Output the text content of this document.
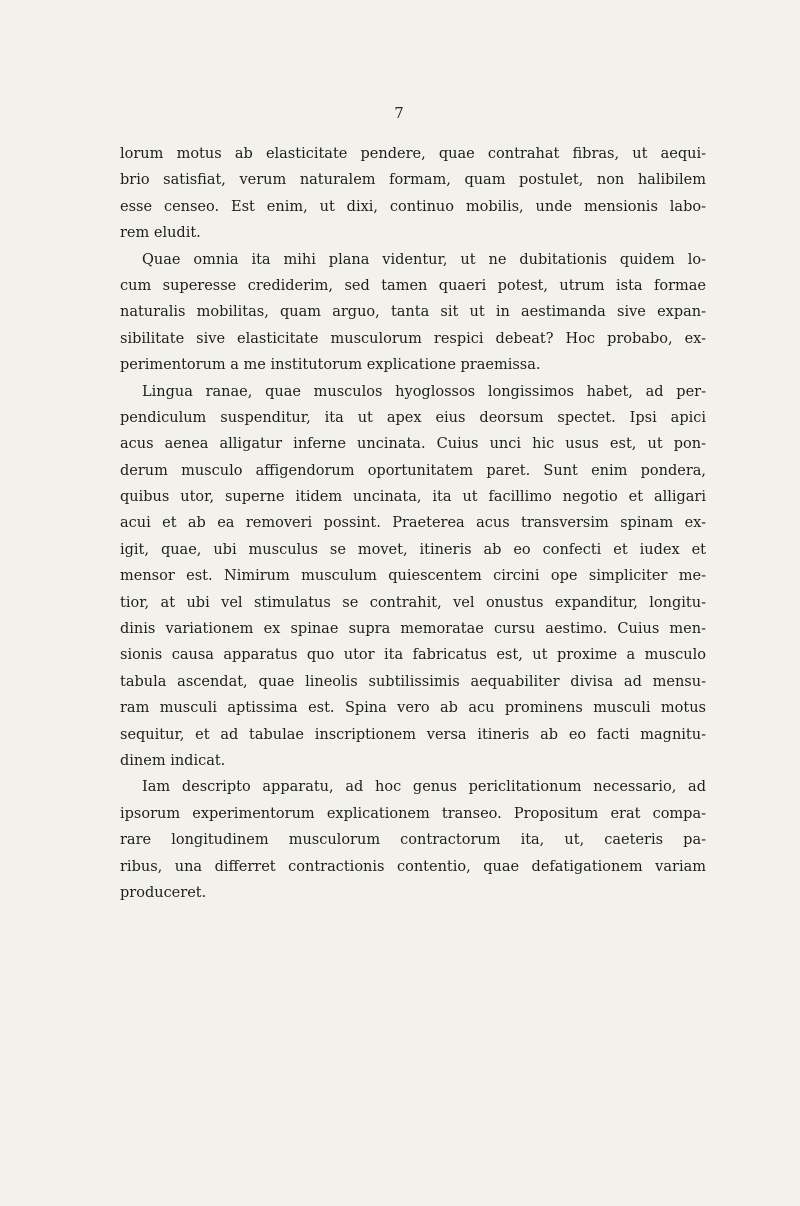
7
lorum motus ab elasticitate pendere, quae contrahat fibras, ut aequi-
brio satisfiat, verum naturalem formam, quam postulet, non halibilem
esse censeo. Est enim, ut dixi, continuo mobilis, unde mensionis labo-
rem eludit.
Quae omnia ita mihi plana videntur, ut ne dubitationis quidem lo-
cum superesse crediderim, sed tamen quaeri potest, utrum ista formae
naturalis mobilitas, quam arguo, tanta sit ut in aestimanda sive expan-
sibilitate sive elasticitate musculorum respici debeat? Hoc probabo, ex-
perimentorum a me institutorum explicatione praemissa.
Lingua ranae, quae musculos hyoglossos longissimos habet, ad per-
pendiculum suspenditur, ita ut apex eius deorsum spectet. Ipsi apici
acus aenea alligatur inferne uncinata. Cuius unci hic usus est, ut pon-
derum musculo affigendorum oportunitatem paret. Sunt enim pondera,
quibus utor, superne itidem uncinata, ita ut facillimo negotio et alligari
acui et ab ea removeri possint. Praeterea acus transversim spinam ex-
igit, quae, ubi musculus se movet, itineris ab eo confecti et iudex et
mensor est. Nimirum musculum quiescentem circini ope simpliciter me-
tior, at ubi vel stimulatus se contrahit, vel onustus expanditur, longitu-
dinis variationem ex spinae supra memoratae cursu aestimo. Cuius men-
sionis causa apparatus quo utor ita fabricatus est, ut proxime a musculo
tabula ascendat, quae lineolis subtilissimis aequabiliter divisa ad mensu-
ram musculi aptissima est. Spina vero ab acu prominens musculi motus
sequitur, et ad tabulae inscriptionem versa itineris ab eo facti magnitu-
dinem indicat.
Iam descripto apparatu, ad hoc genus periclitationum necessario, ad
ipsorum experimentorum explicationem transeo. Propositum erat compa-
rare longitudinem musculorum contractorum ita, ut, caeteris pa-
ribus, una differret contractionis contentio, quae defatigationem variam
produceret.
